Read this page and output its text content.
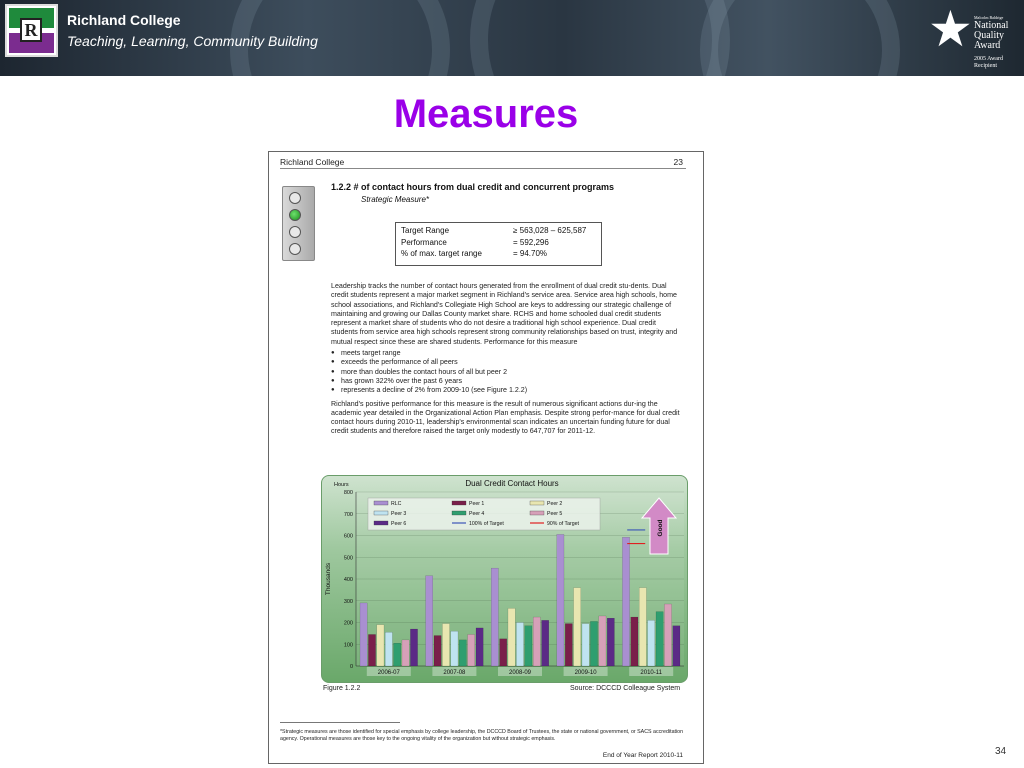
R	Richland College
Teaching, Learning, Community Building	★ Malcolm Baldrige
National
Quality
Award
2005 Award
Recipient
Measures
Richland College	23
1.2.2 # of contact hours from dual credit and concurrent programs
Strategic Measure*
Target Range	≥ 563,028 – 625,587
Performance	= 592,296
% of max. target range	= 94.70%

Leadership tracks the number of contact hours generated from the enrollment of dual credit stu-dents. Dual credit students represent a major market segment in Richland's service area. Service area high schools, home school associations, and Richland's Collegiate High School are keys to addressing our strategic challenge of maintaining and growing our Dallas County market share. RCHS and home schooled dual credit students represent a market share of students who do not desire a traditional high school experience. Dual credit students from service area high schools represent strong community relationships based on trust, integrity and mutual respect since these are shared students. Performance for this measure

● meets target range
● exceeds the performance of all peers
● more than doubles the contact hours of all but peer 2
● has grown 322% over the past 6 years
● represents a decline of 2% from 2009-10 (see Figure 1.2.2)

Richland's positive performance for this measure is the result of numerous significant actions dur-ing the academic year detailed in the Organizational Action Plan emphasis. Despite strong perfor-mance for dual credit contact hours during 2010-11, leadership's environmental scan indicates an uncertain funding future for dual credit students and therefore raised the target only modestly to 647,707 for 2011-12.

Dual Credit Contact Hours
Hours
Thousands
0
100
200
300
400
500
600
700
800
2006-07	2007-08	2008-09	2009-10	2010-11
RLC	Peer 1	Peer 2
Peer 3	Peer 4	Peer 5
Peer 6	100% of Target	90% of Target	Good
Figure 1.2.2	Source: DCCCD Colleague System
*Strategic measures are those identified for special emphasis by college leadership, the DCCCD Board of Trustees, the state or national government, or SACS accreditation agency. Operational measures are those key to the ongoing vitality of the organization but without strategic emphasis.
End of Year Report 2010-11	34
